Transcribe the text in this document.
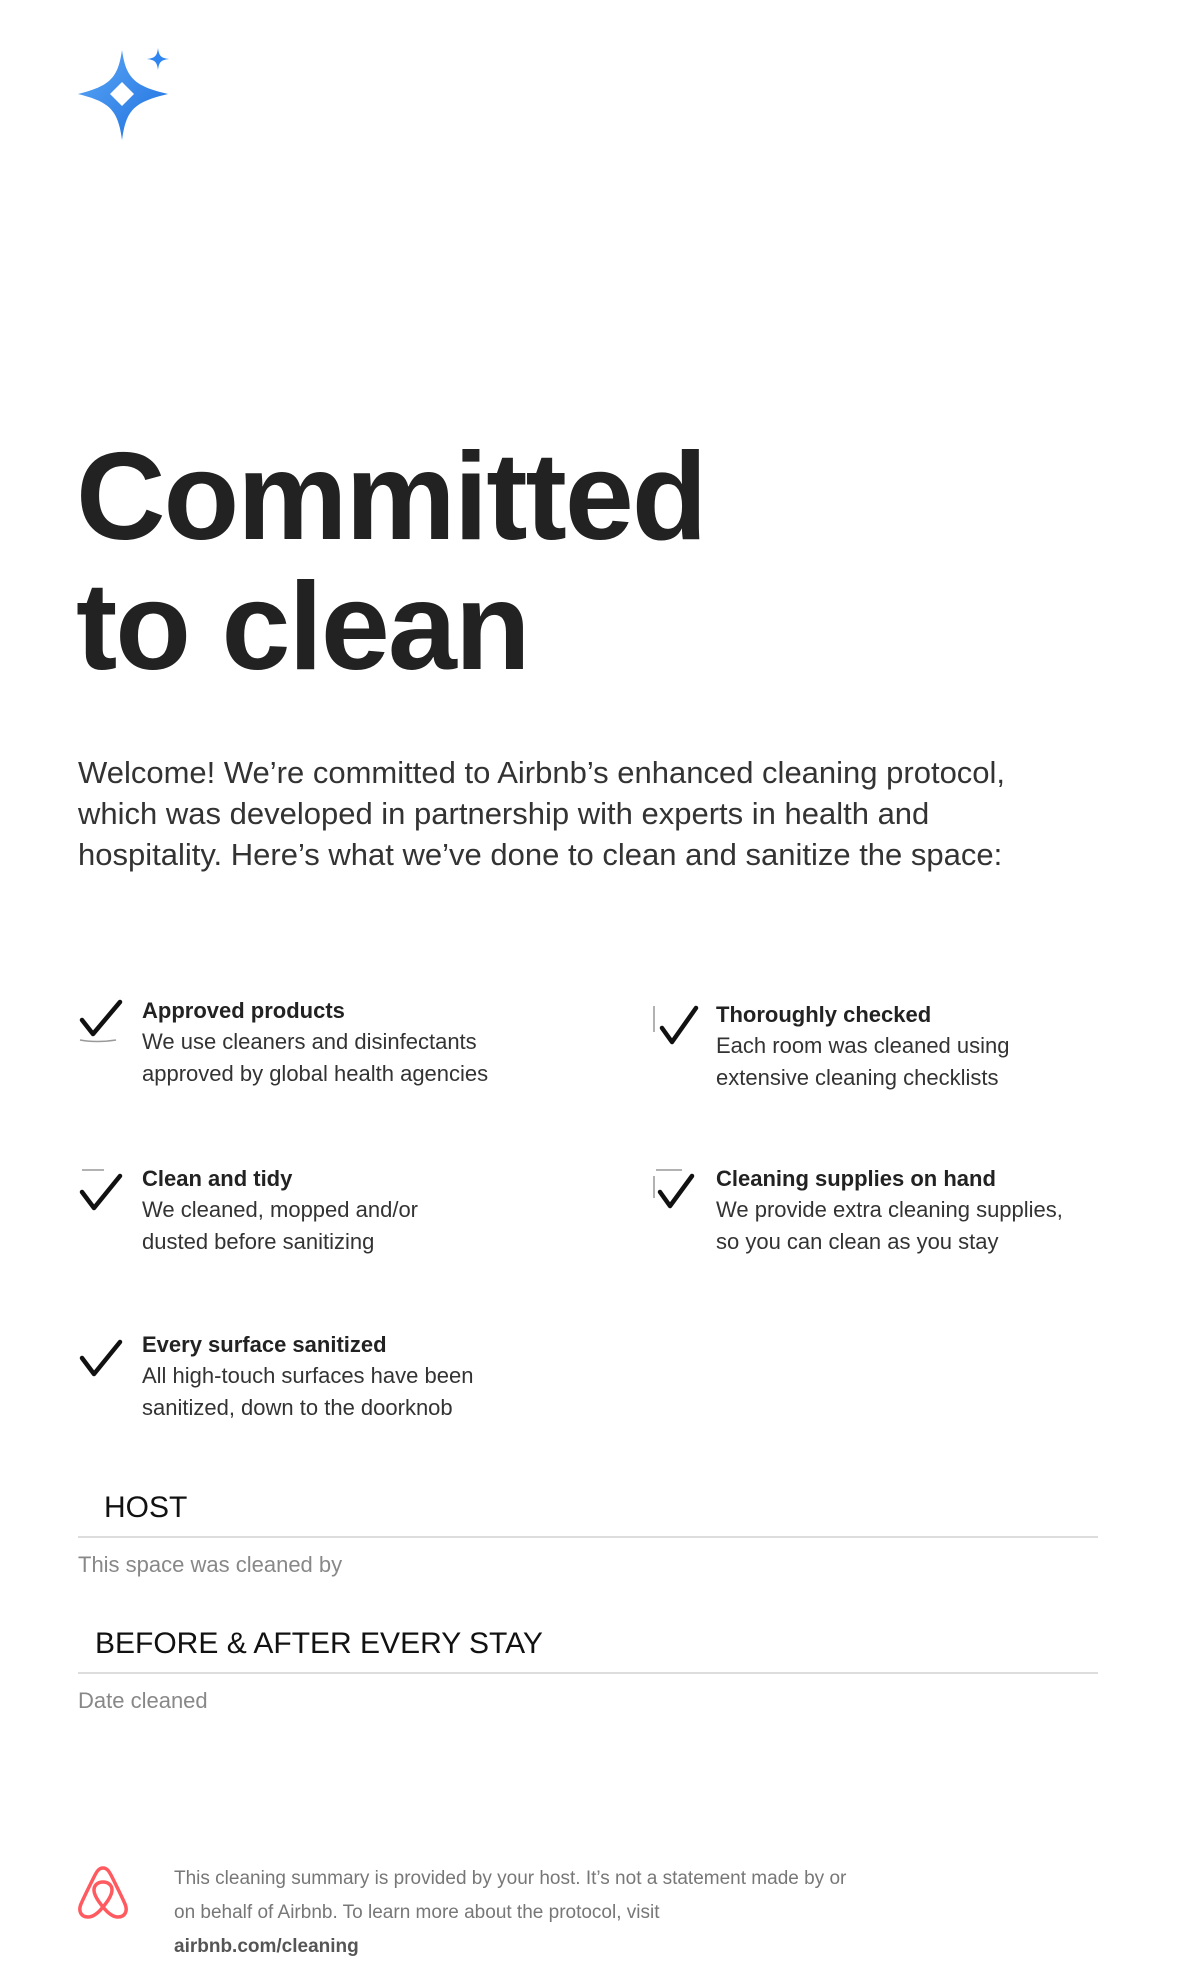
Committed
to clean

Welcome! We’re committed to Airbnb’s enhanced cleaning protocol, which was developed in partnership with experts in health and hospitality. Here’s what we’ve done to clean and sanitize the space:

Approved products
We use cleaners and disinfectants
approved by global health agencies
Thoroughly checked
Each room was cleaned using
extensive cleaning checklists
Clean and tidy
We cleaned, mopped and/or
dusted before sanitizing
Cleaning supplies on hand
We provide extra cleaning supplies,
so you can clean as you stay
Every surface sanitized
All high-touch surfaces have been
sanitized, down to the doorknob
HOST
This space was cleaned by
BEFORE & AFTER EVERY STAY
Date cleaned
This cleaning summary is provided by your host. It’s not a statement made by or
on behalf of Airbnb. To learn more about the protocol, visit
airbnb.com/cleaning
